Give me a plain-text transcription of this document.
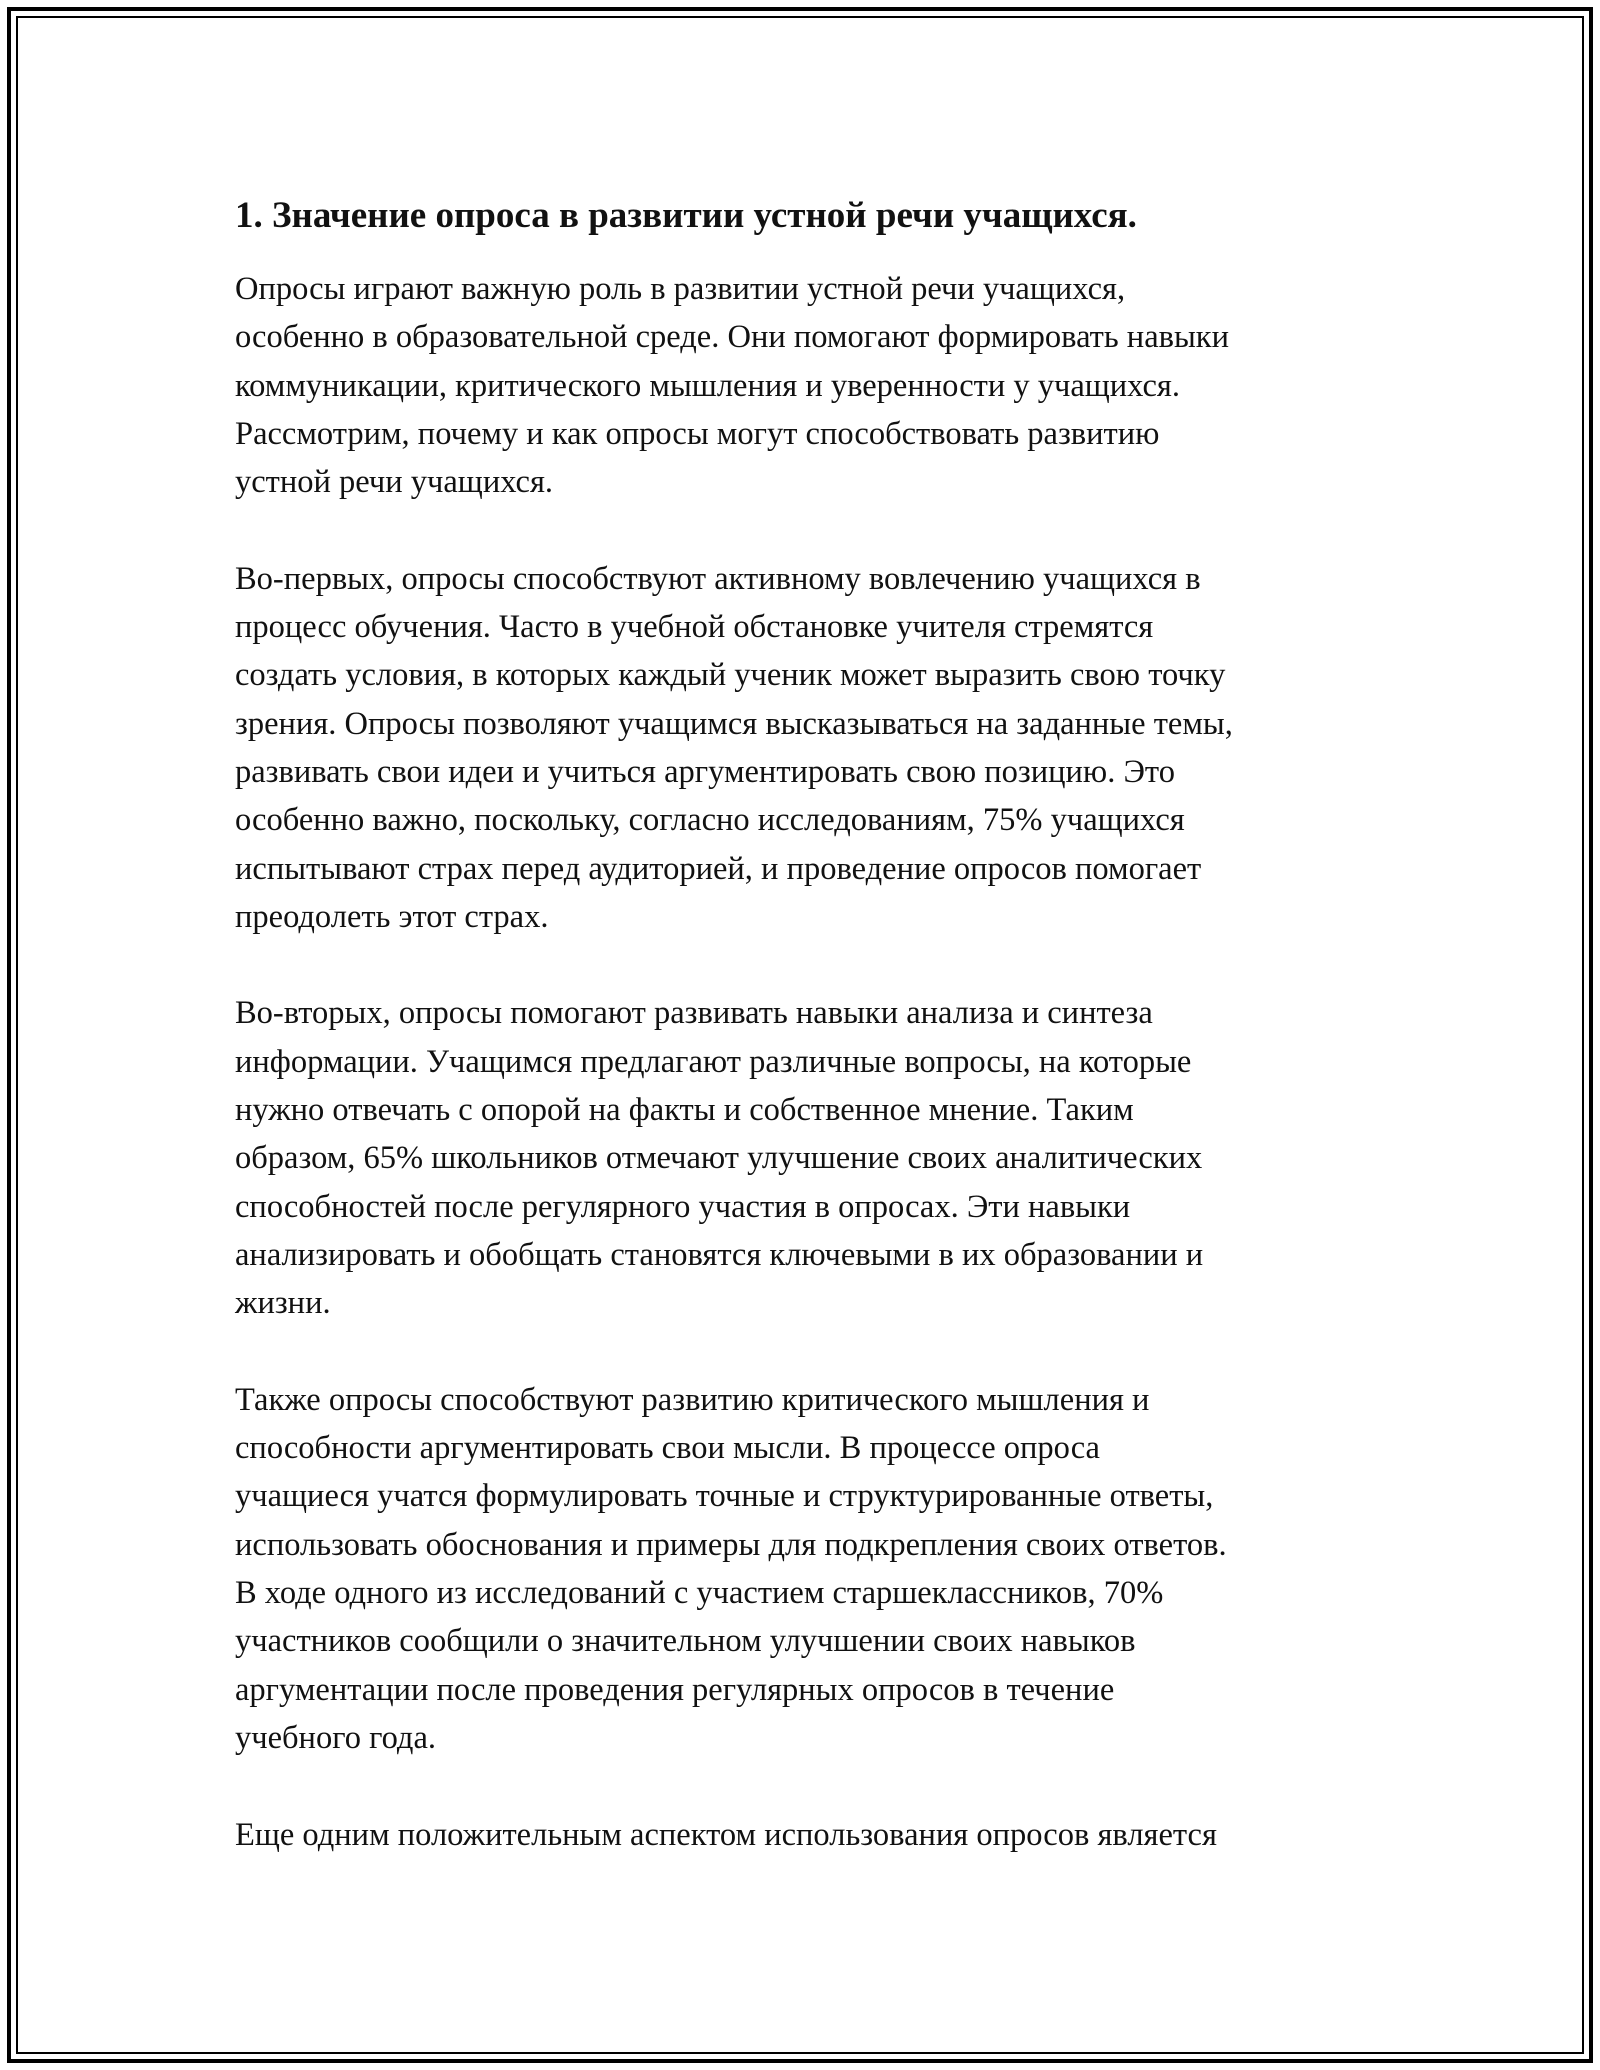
1. Значение опроса в развитии устной речи учащихся.
Опросы играют важную роль в развитии устной речи учащихся,
особенно в образовательной среде. Они помогают формировать навыки
коммуникации, критического мышления и уверенности у учащихся.
Рассмотрим, почему и как опросы могут способствовать развитию
устной речи учащихся.
Во-первых, опросы способствуют активному вовлечению учащихся в
процесс обучения. Часто в учебной обстановке учителя стремятся
создать условия, в которых каждый ученик может выразить свою точку
зрения. Опросы позволяют учащимся высказываться на заданные темы,
развивать свои идеи и учиться аргументировать свою позицию. Это
особенно важно, поскольку, согласно исследованиям, 75% учащихся
испытывают страх перед аудиторией, и проведение опросов помогает
преодолеть этот страх.
Во-вторых, опросы помогают развивать навыки анализа и синтеза
информации. Учащимся предлагают различные вопросы, на которые
нужно отвечать с опорой на факты и собственное мнение. Таким
образом, 65% школьников отмечают улучшение своих аналитических
способностей после регулярного участия в опросах. Эти навыки
анализировать и обобщать становятся ключевыми в их образовании и
жизни.
Также опросы способствуют развитию критического мышления и
способности аргументировать свои мысли. В процессе опроса
учащиеся учатся формулировать точные и структурированные ответы,
использовать обоснования и примеры для подкрепления своих ответов.
В ходе одного из исследований с участием старшеклассников, 70%
участников сообщили о значительном улучшении своих навыков
аргументации после проведения регулярных опросов в течение
учебного года.
Еще одним положительным аспектом использования опросов является
